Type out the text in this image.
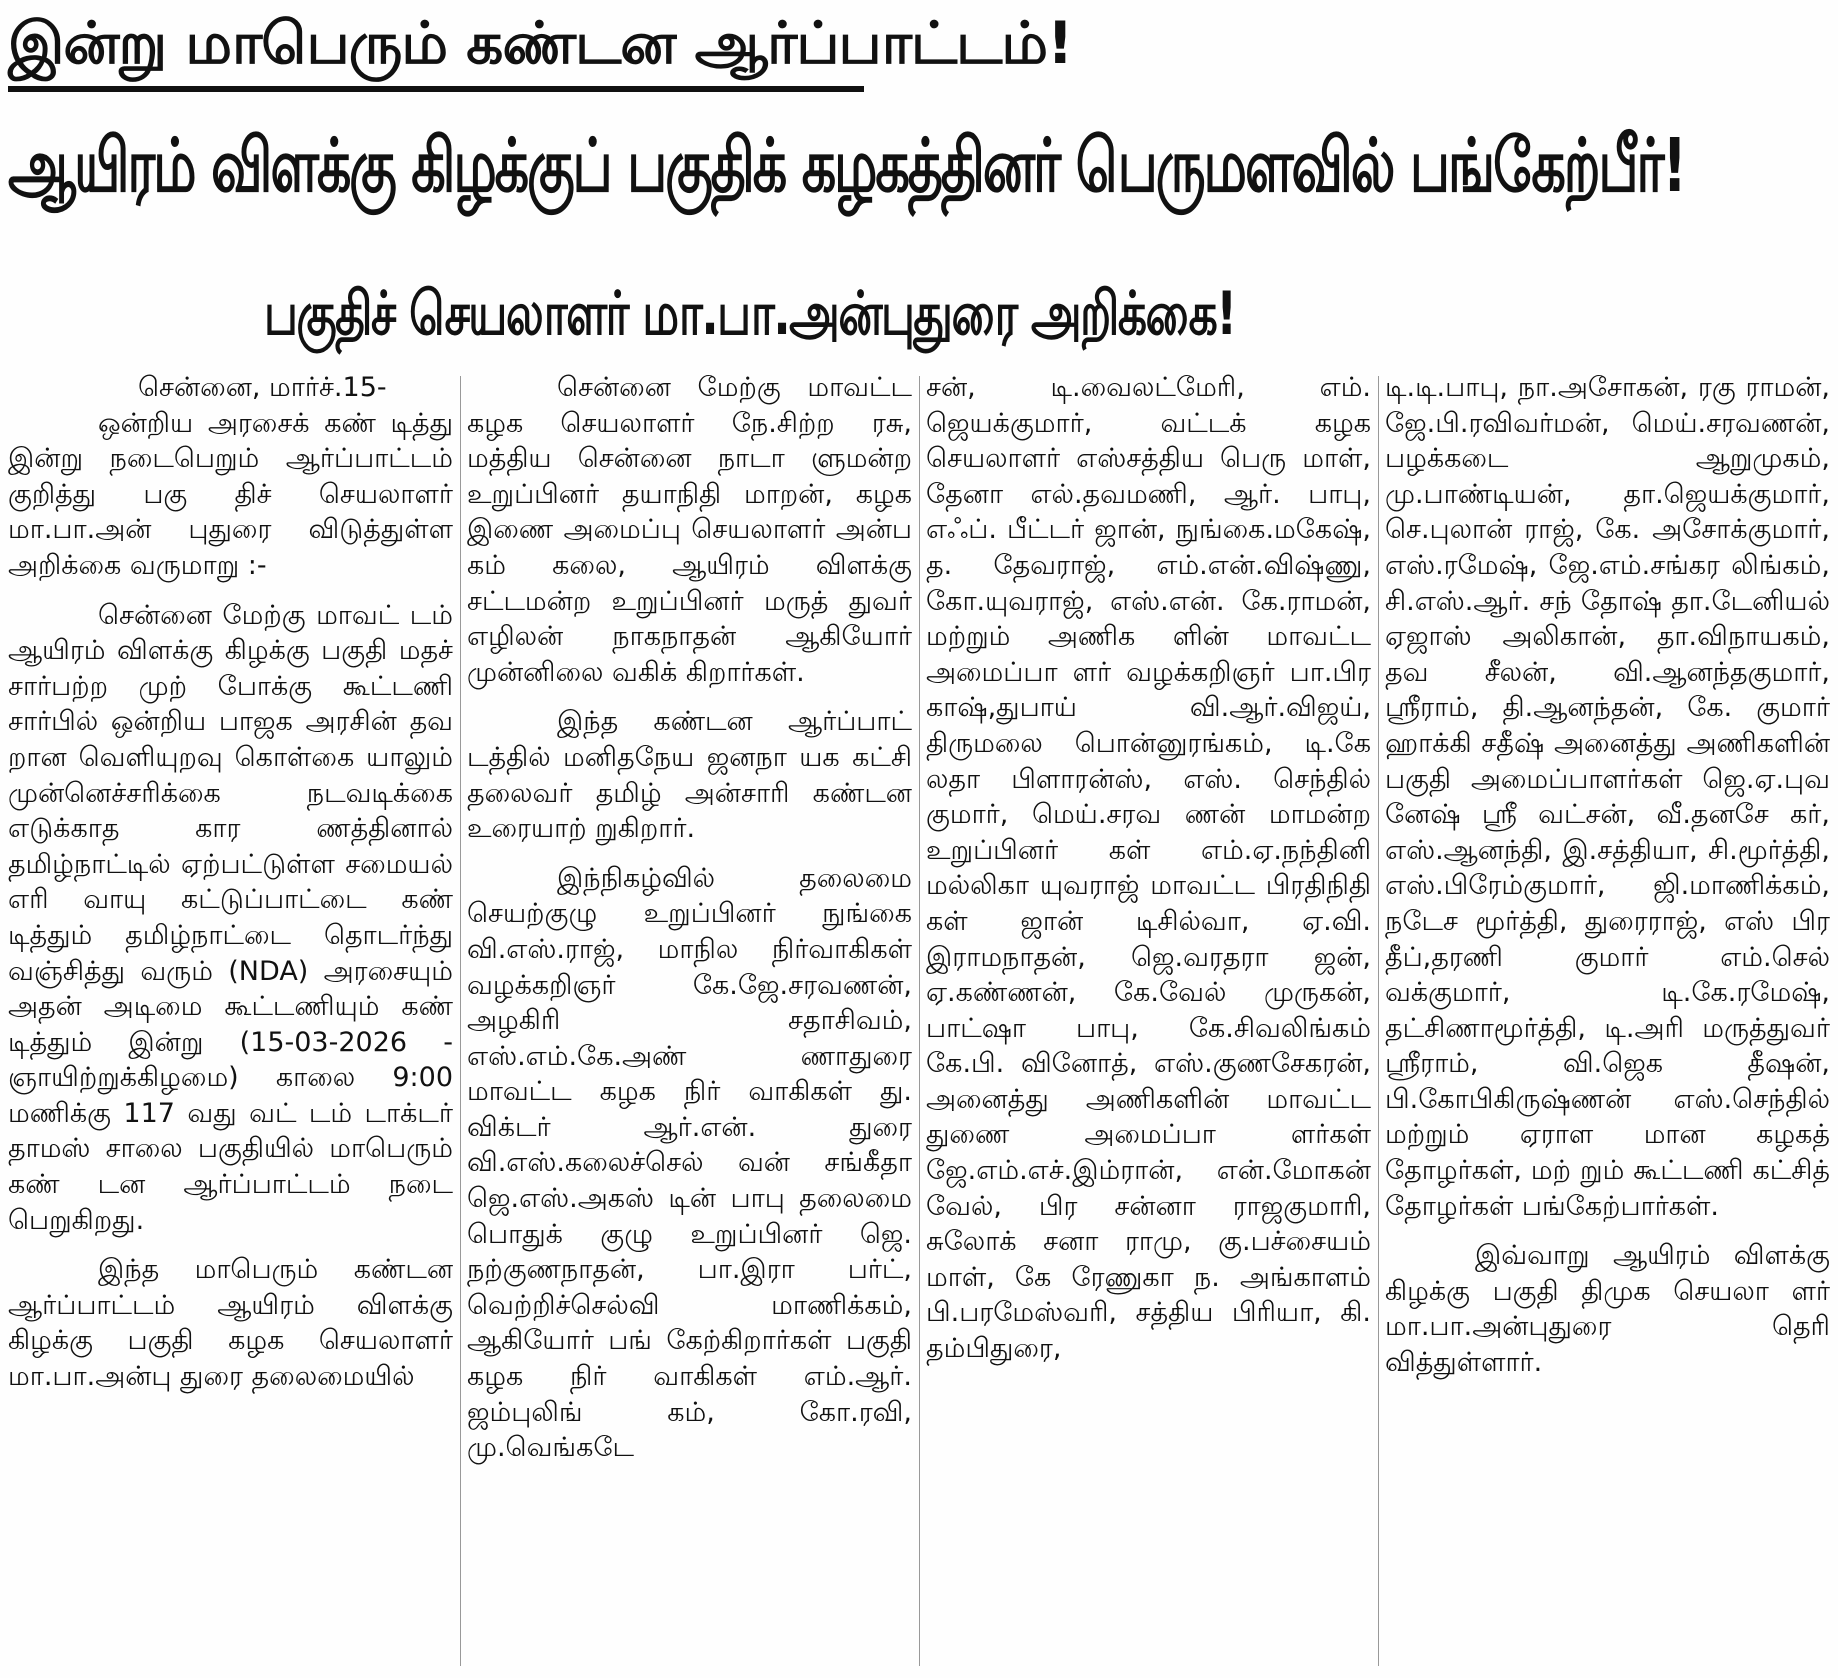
இன்று மாபெரும் கண்டன ஆர்ப்பாட்டம்!
ஆயிரம் விளக்கு கிழக்குப் பகுதிக் கழகத்தினர் பெருமளவில் பங்கேற்பீர்!
பகுதிச் செயலாளர் மா.பா.அன்புதுரை அறிக்கை!

சென்னை, மார்ச்.15-

ஒன்றிய அரசைக் கண் டித்து இன்று நடைபெறும் ஆர்ப்பாட்டம் குறித்து பகு திச் செயலாளர் மா.பா.அன் புதுரை விடுத்துள்ள அறிக்கை வருமாறு :-

சென்னை மேற்கு மாவட் டம் ஆயிரம் விளக்கு கிழக்கு பகுதி மதச் சார்பற்ற முற் போக்கு கூட்டணி சார்பில் ஒன்றிய பாஜக அரசின் தவ றான வெளியுறவு கொள்கை யாலும் முன்னெச்சரிக்கை நடவடிக்கை எடுக்காத கார ணத்தினால் தமிழ்நாட்டில் ஏற்பட்டுள்ள சமையல் எரி வாயு கட்டுப்பாட்டை கண் டித்தும் தமிழ்நாட்டை தொடர்ந்து வஞ்சித்து வரும் (NDA) அரசையும் அதன் அடிமை கூட்டணியும் கண் டித்தும் இன்று (15-03-2026 - ஞாயிற்றுக்கிழமை) காலை 9:00 மணிக்கு 117 வது வட் டம் டாக்டர் தாமஸ் சாலை பகுதியில் மாபெரும் கண் டன ஆர்ப்பாட்டம் நடை பெறுகிறது.

இந்த மாபெரும் கண்டன ஆர்ப்பாட்டம் ஆயிரம் விளக்கு கிழக்கு பகுதி கழக செயலாளர் மா.பா.அன்பு துரை தலைமையில்

சென்னை மேற்கு மாவட்ட கழக செயலாளர் நே.சிற்ற ரசு, மத்திய சென்னை நாடா ளுமன்ற உறுப்பினர் தயாநிதி மாறன், கழக இணை அமைப்பு செயலாளர் அன்ப கம் கலை, ஆயிரம் விளக்கு சட்டமன்ற உறுப்பினர் மருத் துவர் எழிலன் நாகநாதன் ஆகியோர் முன்னிலை வகிக் கிறார்கள்.

இந்த கண்டன ஆர்ப்பாட் டத்தில் மனிதநேய ஜனநா யக கட்சி தலைவர் தமிழ் அன்சாரி கண்டன உரையாற் றுகிறார்.

இந்நிகழ்வில் தலைமை செயற்குழு உறுப்பினர் நுங்கை வி.எஸ்.ராஜ், மாநில நிர்வாகிகள் வழக்கறிஞர் கே.ஜே.சரவணன், அழகிரி சதாசிவம், எஸ்.எம்.கே.அண் ணாதுரை மாவட்ட கழக நிர் வாகிகள் து. விக்டர் ஆர்.என். துரை வி.எஸ்.கலைச்செல் வன் சங்கீதா ஜெ.எஸ்.அகஸ் டின் பாபு தலைமை பொதுக் குழு உறுப்பினர் ஜெ. நற்குணநாதன், பா.இரா பர்ட், வெற்றிச்செல்வி மாணிக்கம், ஆகியோர் பங் கேற்கிறார்கள் பகுதி கழக நிர் வாகிகள் எம்.ஆர். ஜம்புலிங் கம், கோ.ரவி, மு.வெங்கடே

சன், டி.வைலட்மேரி, எம். ஜெயக்குமார், வட்டக் கழக செயலாளர் எஸ்சத்திய பெரு மாள், தேனா எல்.தவமணி, ஆர். பாபு, எஃப். பீட்டர் ஜான், நுங்கை.மகேஷ், த. தேவராஜ், எம்.என்.விஷ்ணு, கோ.யுவராஜ், எஸ்.என். கே.ராமன், மற்றும் அணிக ளின் மாவட்ட அமைப்பா ளர் வழக்கறிஞர் பா.பிர காஷ்,துபாய் வி.ஆர்.விஜய், திருமலை பொன்னுரங்கம், டி.கே லதா பிளாரன்ஸ், எஸ். செந்தில் குமார், மெய்.சரவ ணன் மாமன்ற உறுப்பினர் கள் எம்.ஏ.நந்தினி மல்லிகா யுவராஜ் மாவட்ட பிரதிநிதி கள் ஜான் டிசில்வா, ஏ.வி. இராமநாதன், ஜெ.வரதரா ஜன், ஏ.கண்ணன், கே.வேல் முருகன், பாட்ஷா பாபு, கே.சிவலிங்கம் கே.பி. வினோத், எஸ்.குணசேகரன், அனைத்து அணிகளின் மாவட்ட துணை அமைப்பா ளர்கள் ஜே.எம்.எச்.இம்ரான், என்.மோகன் வேல், பிர சன்னா ராஜகுமாரி, சுலோக் சனா ராமு, கு.பச்சையம் மாள், கே ரேணுகா ந. அங்காளம் பி.பரமேஸ்வரி, சத்திய பிரியா, கி. தம்பிதுரை,

டி.டி.பாபு, நா.அசோகன், ரகு ராமன், ஜே.பி.ரவிவர்மன், மெய்.சரவணன், பழக்கடை ஆறுமுகம், மு.பாண்டியன், தா.ஜெயக்குமார், செ.புலான் ராஜ், கே. அசோக்குமார், எஸ்.ரமேஷ், ஜே.எம்.சங்கர லிங்கம், சி.எஸ்.ஆர். சந் தோஷ் தா.டேனியல் ஏஜாஸ் அலிகான், தா.விநாயகம், தவ சீலன், வி.ஆனந்தகுமார், ஸ்ரீராம், தி.ஆனந்தன், கே. குமார் ஹாக்கி சதீஷ் அனைத்து அணிகளின் பகுதி அமைப்பாளர்கள் ஜெ.ஏ.புவ னேஷ் ஸ்ரீ வட்சன், வீ.தனசே கர், எஸ்.ஆனந்தி, இ.சத்தியா, சி.மூர்த்தி, எஸ்.பிரேம்குமார், ஜி.மாணிக்கம், நடேச மூர்த்தி, துரைராஜ், எஸ் பிர தீப்,தரணி குமார் எம்.செல் வக்குமார், டி.கே.ரமேஷ், தட்சிணாமூர்த்தி, டி.அரி மருத்துவர் ஸ்ரீராம், வி.ஜெக தீஷன், பி.கோபிகிருஷ்ணன் எஸ்.செந்தில் மற்றும் ஏராள மான கழகத் தோழர்கள், மற் றும் கூட்டணி கட்சித் தோழர்கள் பங்கேற்பார்கள்.

இவ்வாறு ஆயிரம் விளக்கு கிழக்கு பகுதி திமுக செயலா ளர் மா.பா.அன்புதுரை தெரி வித்துள்ளார்.
